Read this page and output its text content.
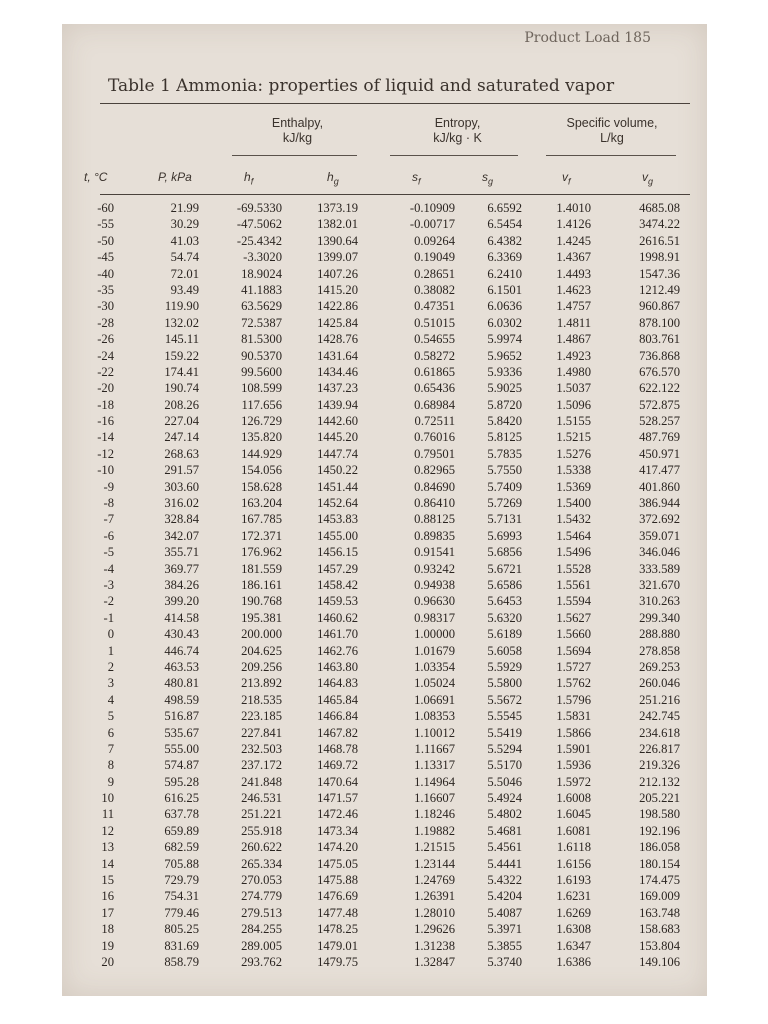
Product Load 185
Table 1 Ammonia: properties of liquid and saturated vapor
Enthalpy,
kJ/kg
Entropy,
kJ/kg · K
Specific volume,
L/kg
t, °C	P, kPa	$h_f$	$h_g$	$s_f$	$s_g$	$v_f$	$v_g$
-60	21.99	-69.5330	1373.19	-0.10909	6.6592	1.4010	4685.08
-55	30.29	-47.5062	1382.01	-0.00717	6.5454	1.4126	3474.22
-50	41.03	-25.4342	1390.64	0.09264	6.4382	1.4245	2616.51
-45	54.74	-3.3020	1399.07	0.19049	6.3369	1.4367	1998.91
-40	72.01	18.9024	1407.26	0.28651	6.2410	1.4493	1547.36
-35	93.49	41.1883	1415.20	0.38082	6.1501	1.4623	1212.49
-30	119.90	63.5629	1422.86	0.47351	6.0636	1.4757	960.867
-28	132.02	72.5387	1425.84	0.51015	6.0302	1.4811	878.100
-26	145.11	81.5300	1428.76	0.54655	5.9974	1.4867	803.761
-24	159.22	90.5370	1431.64	0.58272	5.9652	1.4923	736.868
-22	174.41	99.5600	1434.46	0.61865	5.9336	1.4980	676.570
-20	190.74	108.599	1437.23	0.65436	5.9025	1.5037	622.122
-18	208.26	117.656	1439.94	0.68984	5.8720	1.5096	572.875
-16	227.04	126.729	1442.60	0.72511	5.8420	1.5155	528.257
-14	247.14	135.820	1445.20	0.76016	5.8125	1.5215	487.769
-12	268.63	144.929	1447.74	0.79501	5.7835	1.5276	450.971
-10	291.57	154.056	1450.22	0.82965	5.7550	1.5338	417.477
-9	303.60	158.628	1451.44	0.84690	5.7409	1.5369	401.860
-8	316.02	163.204	1452.64	0.86410	5.7269	1.5400	386.944
-7	328.84	167.785	1453.83	0.88125	5.7131	1.5432	372.692
-6	342.07	172.371	1455.00	0.89835	5.6993	1.5464	359.071
-5	355.71	176.962	1456.15	0.91541	5.6856	1.5496	346.046
-4	369.77	181.559	1457.29	0.93242	5.6721	1.5528	333.589
-3	384.26	186.161	1458.42	0.94938	5.6586	1.5561	321.670
-2	399.20	190.768	1459.53	0.96630	5.6453	1.5594	310.263
-1	414.58	195.381	1460.62	0.98317	5.6320	1.5627	299.340
0	430.43	200.000	1461.70	1.00000	5.6189	1.5660	288.880
1	446.74	204.625	1462.76	1.01679	5.6058	1.5694	278.858
2	463.53	209.256	1463.80	1.03354	5.5929	1.5727	269.253
3	480.81	213.892	1464.83	1.05024	5.5800	1.5762	260.046
4	498.59	218.535	1465.84	1.06691	5.5672	1.5796	251.216
5	516.87	223.185	1466.84	1.08353	5.5545	1.5831	242.745
6	535.67	227.841	1467.82	1.10012	5.5419	1.5866	234.618
7	555.00	232.503	1468.78	1.11667	5.5294	1.5901	226.817
8	574.87	237.172	1469.72	1.13317	5.5170	1.5936	219.326
9	595.28	241.848	1470.64	1.14964	5.5046	1.5972	212.132
10	616.25	246.531	1471.57	1.16607	5.4924	1.6008	205.221
11	637.78	251.221	1472.46	1.18246	5.4802	1.6045	198.580
12	659.89	255.918	1473.34	1.19882	5.4681	1.6081	192.196
13	682.59	260.622	1474.20	1.21515	5.4561	1.6118	186.058
14	705.88	265.334	1475.05	1.23144	5.4441	1.6156	180.154
15	729.79	270.053	1475.88	1.24769	5.4322	1.6193	174.475
16	754.31	274.779	1476.69	1.26391	5.4204	1.6231	169.009
17	779.46	279.513	1477.48	1.28010	5.4087	1.6269	163.748
18	805.25	284.255	1478.25	1.29626	5.3971	1.6308	158.683
19	831.69	289.005	1479.01	1.31238	5.3855	1.6347	153.804
20	858.79	293.762	1479.75	1.32847	5.3740	1.6386	149.106
